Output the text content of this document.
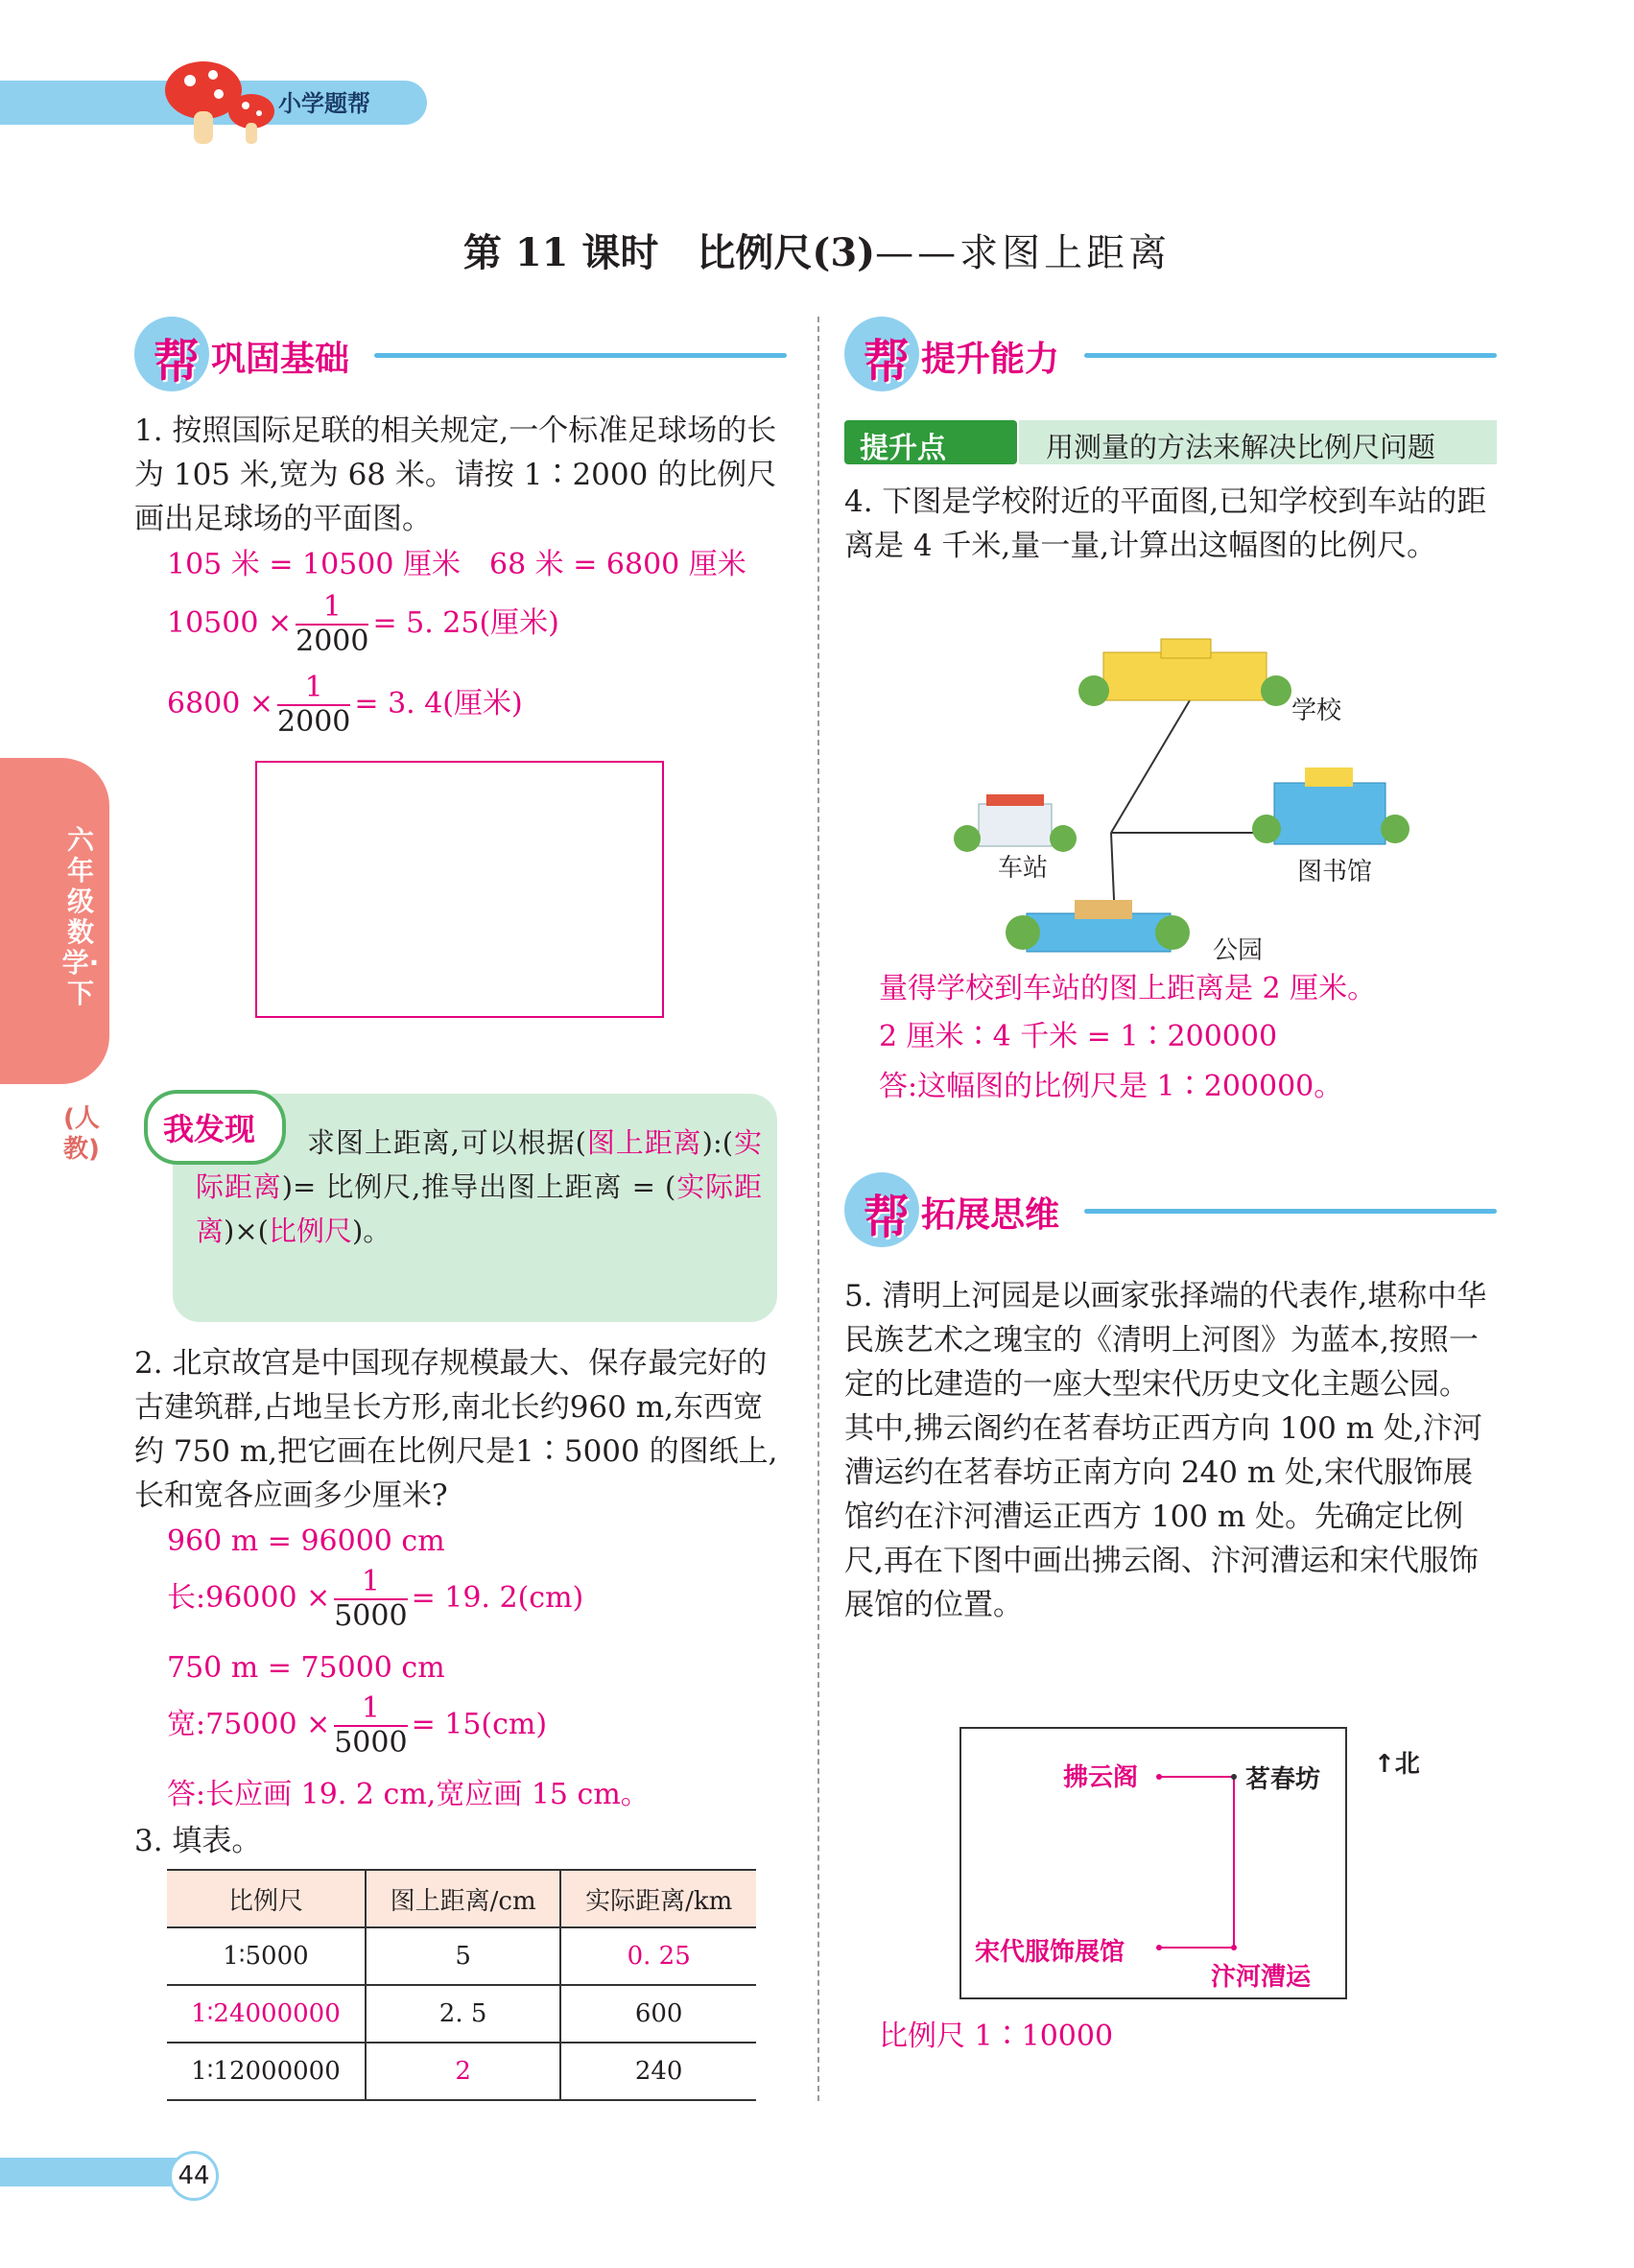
小学题帮
第 11 课时　比例尺(3)——求图上距离
六年级数学·下
(人教)
帮 巩固基础
1. 按照国际足联的相关规定,一个标准足球场的长为 105 米,宽为 68 米。请按 1∶2000 的比例尺画出足球场的平面图。
105 米 = 10500 厘米　68 米 = 6800 厘米
$10500 \times \frac{1}{2000} = 5$. 25(厘米)
$6800 \times \frac{1}{2000} = 3$. 4(厘米)
我发现	求图上距离,可以根据(图上距离):(实际距离)= 比例尺,推导出图上距离 = (实际距离)×(比例尺)。
2. 北京故宫是中国现存规模最大、保存最完好的古建筑群,占地呈长方形,南北长约960 m,东西宽约 750 m,把它画在比例尺是1∶5000 的图纸上,长和宽各应画多少厘米?
960 m = 96000 cm
长:96000 × $\frac{1}{5000} = 19$. 2(cm)
750 m = 75000 cm
宽:75000 × $\frac{1}{5000} = 15(cm)$
答:长应画 19. 2 cm,宽应画 15 cm。
3. 填表。
比例尺	图上距离/cm	实际距离/km
1∶5000	5	0. 25
1∶24000000	2. 5	600
1∶12000000	2	240
帮 提升能力
提升点	用测量的方法来解决比例尺问题
4. 下图是学校附近的平面图,已知学校到车站的距离是 4 千米,量一量,计算出这幅图的比例尺。
学校
车站	图书馆
公园
量得学校到车站的图上距离是 2 厘米。
2 厘米∶4 千米 = 1∶200000
答:这幅图的比例尺是 1∶200000。
帮 拓展思维
5. 清明上河园是以画家张择端的代表作,堪称中华民族艺术之瑰宝的《清明上河图》为蓝本,按照一定的比建造的一座大型宋代历史文化主题公园。其中,拂云阁约在茗春坊正西方向 100 m 处,汴河漕运约在茗春坊正南方向 240 m 处,宋代服饰展馆约在汴河漕运正西方 100 m 处。先确定比例尺,再在下图中画出拂云阁、汴河漕运和宋代服饰展馆的位置。
拂云阁	茗春坊
↑北
宋代服饰展馆
汴河漕运
比例尺 1∶10000
44
